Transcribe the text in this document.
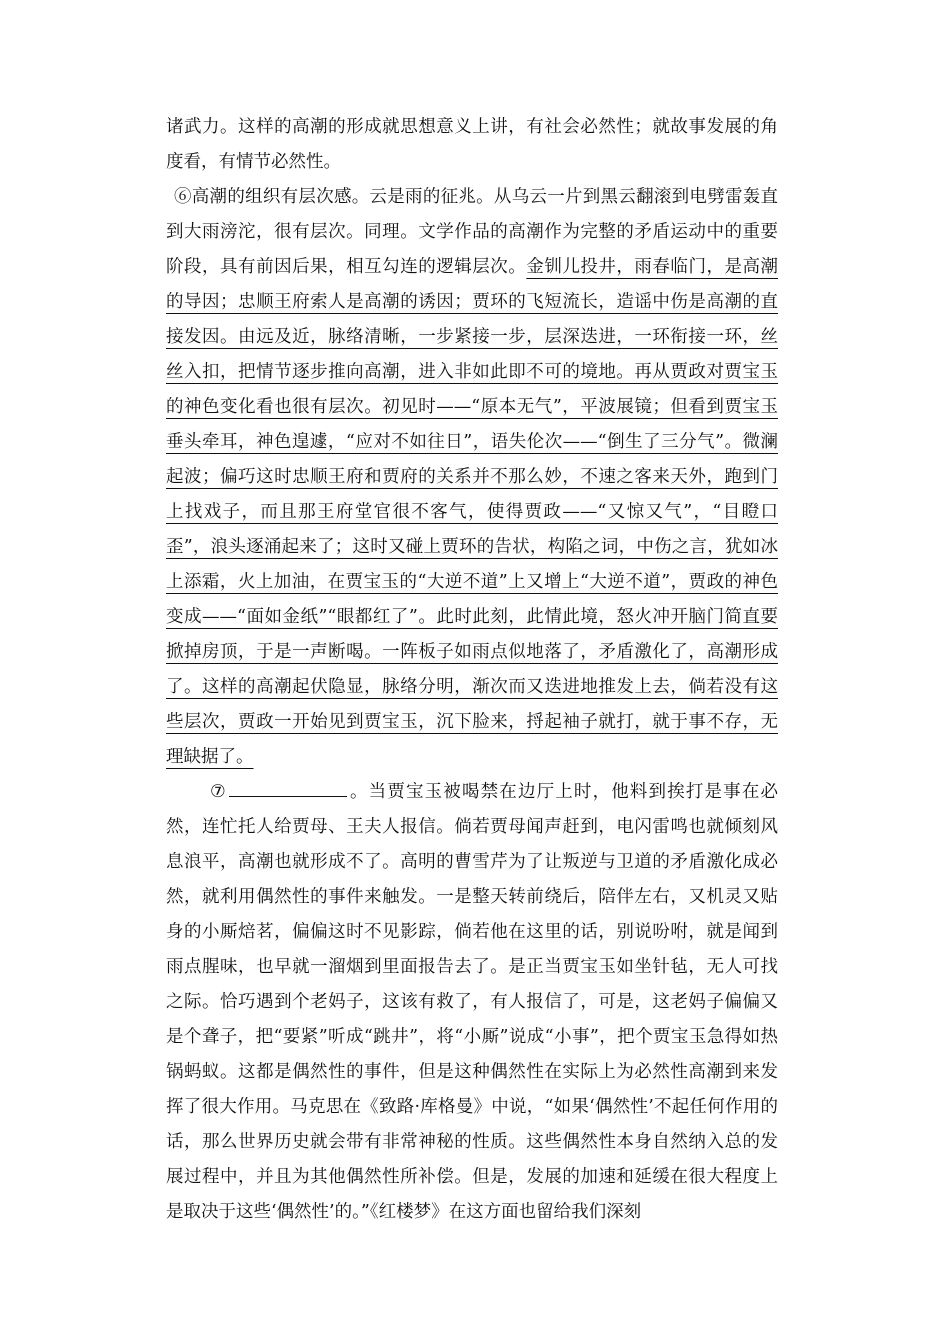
诸武力。这样的高潮的形成就思想意义上讲，有社会必然性；就故事发展的角度看，有情节必然性。

⑥高潮的组织有层次感。云是雨的征兆。从乌云一片到黑云翻滚到电劈雷轰直到大雨滂沱，很有层次。同理。文学作品的高潮作为完整的矛盾运动中的重要阶段，具有前因后果，相互勾连的逻辑层次。金钏儿投井，雨春临门，是高潮的导因；忠顺王府索人是高潮的诱因；贾环的飞短流长，造谣中伤是高潮的直接发因。由远及近，脉络清晰，一步紧接一步，层深迭进，一环衔接一环，丝丝入扣，把情节逐步推向高潮，进入非如此即不可的境地。再从贾政对贾宝玉的神色变化看也很有层次。初见时——“原本无气”，平波展镜；但看到贾宝玉垂头牵耳，神色遑遽，“应对不如往日”，语失伦次——“倒生了三分气”。微澜起波；偏巧这时忠顺王府和贾府的关系并不那么妙，不速之客来天外，跑到门上找戏子，而且那王府堂官很不客气，使得贾政——“又惊又气”，“目瞪口歪”，浪头逐涌起来了；这时又碰上贾环的告状，构陷之词，中伤之言，犹如冰上添霜，火上加油，在贾宝玉的“大逆不道”上又增上“大逆不道”，贾政的神色变成——“面如金纸”“眼都红了”。此时此刻，此情此境，怒火冲开脑门简直要掀掉房顶，于是一声断喝。一阵板子如雨点似地落了，矛盾激化了，高潮形成了。这样的高潮起伏隐显，脉络分明，渐次而又迭进地推发上去，倘若没有这些层次，贾政一开始见到贾宝玉，沉下脸来，捋起袖子就打，就于事不存，无理缺据了。

⑦	。当贾宝玉被喝禁在边厅上时，他料到挨打是事在必然，连忙托人给贾母、王夫人报信。倘若贾母闻声赶到，电闪雷鸣也就倾刻风息浪平，高潮也就形成不了。高明的曹雪芹为了让叛逆与卫道的矛盾激化成必然，就利用偶然性的事件来触发。一是整天转前绕后，陪伴左右，又机灵又贴身的小厮焙茗，偏偏这时不见影踪，倘若他在这里的话，别说吩咐，就是闻到雨点腥味，也早就一溜烟到里面报告去了。是正当贾宝玉如坐针毡，无人可找之际。恰巧遇到个老妈子，这该有救了，有人报信了，可是，这老妈子偏偏又是个聋子，把“要紧”听成“跳井”，将“小厮”说成“小事”，把个贾宝玉急得如热锅蚂蚁。这都是偶然性的事件，但是这种偶然性在实际上为必然性高潮到来发挥了很大作用。马克思在《致路·库格曼》中说，“如果‘偶然性’不起任何作用的话，那么世界历史就会带有非常神秘的性质。这些偶然性本身自然纳入总的发展过程中，并且为其他偶然性所补偿。但是，发展的加速和延缓在很大程度上是取决于这些‘偶然性’的。”《红楼梦》在这方面也留给我们深刻
